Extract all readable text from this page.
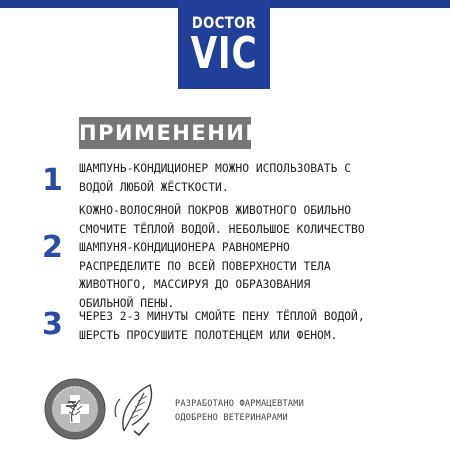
DOCTOR
VIC
ПРИМЕНЕНИЕ:
1 ШАМПУНЬ-КОНДИЦИОНЕР МОЖНО ИСПОЛЬЗОВАТЬ С
ВОДОЙ ЛЮБОЙ ЖЁСТКОСТИ.
2
КОЖНО-ВОЛОСЯНОЙ ПОКРОВ ЖИВОТНОГО ОБИЛЬНО
СМОЧИТЕ ТЁПЛОЙ ВОДОЙ. НЕБОЛЬШОЕ КОЛИЧЕСТВО
ШАМПУНЯ-КОНДИЦИОНЕРА РАВНОМЕРНО
РАСПРЕДЕЛИТЕ ПО ВСЕЙ ПОВЕРХНОСТИ ТЕЛА
ЖИВОТНОГО, МАССИРУЯ ДО ОБРАЗОВАНИЯ
ОБИЛЬНОЙ ПЕНЫ.
3 ЧЕРЕЗ 2-3 МИНУТЫ СМОЙТЕ ПЕНУ ТЁПЛОЙ ВОДОЙ,
ШЕРСТЬ ПРОСУШИТЕ ПОЛОТЕНЦЕМ ИЛИ ФЕНОМ.
РАЗРАБОТАНО ФАРМАЦЕВТАМИ
ОДОБРЕНО ВЕТЕРИНАРАМИ
